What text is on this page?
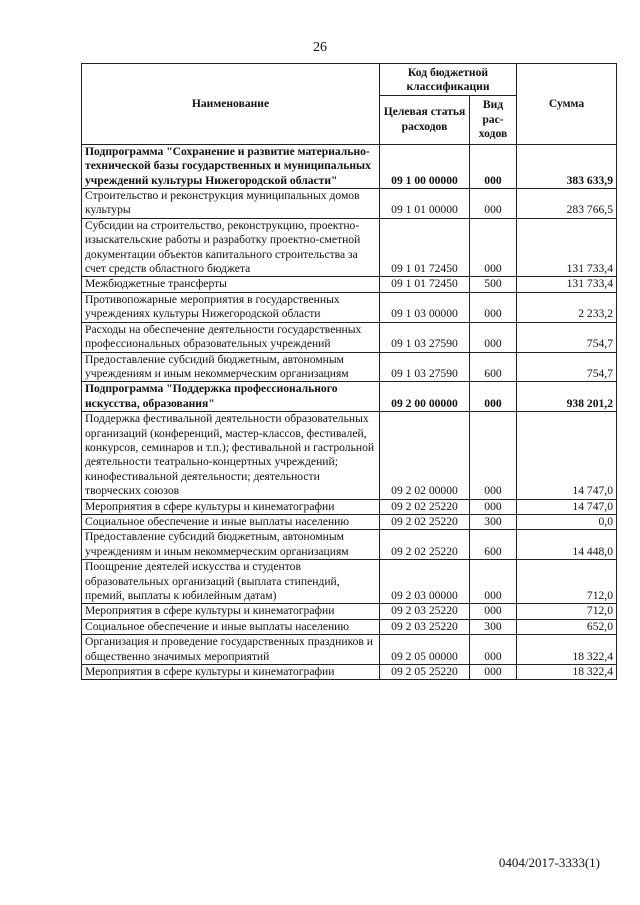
26
Наименование	Код бюджетной классификации		Сумма
	Целевая статья расходов	Вид рас-ходов	
Подпрограмма "Сохранение и развитие материально-технической базы государственных и муниципальных учреждений культуры Нижегородской области"	09 1 00 00000	000	383 633,9
Строительство и реконструкция муниципальных домов культуры	09 1 01 00000	000	283 766,5
Субсидии на строительство, реконструкцию, проектно-изыскательские работы и разработку проектно-сметной документации объектов капитального строительства за счет средств областного бюджета	09 1 01 72450	000	131 733,4
Межбюджетные трансферты	09 1 01 72450	500	131 733,4
Противопожарные мероприятия в государственных учреждениях культуры Нижегородской области	09 1 03 00000	000	2 233,2
Расходы на обеспечение деятельности государственных профессиональных образовательных учреждений	09 1 03 27590	000	754,7
Предоставление субсидий бюджетным, автономным учреждениям и иным некоммерческим организациям	09 1 03 27590	600	754,7
Подпрограмма "Поддержка профессионального искусства, образования"	09 2 00 00000	000	938 201,2
Поддержка фестивальной деятельности образовательных организаций (конференций, мастер-классов, фестивалей, конкурсов, семинаров и т.п.); фестивальной и гастрольной деятельности театрально-концертных учреждений; кинофестивальной деятельности; деятельности творческих союзов	09 2 02 00000	000	14 747,0
Мероприятия в сфере культуры и кинематографии	09 2 02 25220	000	14 747,0
Социальное обеспечение и иные выплаты населению	09 2 02 25220	300	0,0
Предоставление субсидий бюджетным, автономным учреждениям и иным некоммерческим организациям	09 2 02 25220	600	14 448,0
Поощрение деятелей искусства и студентов образовательных организаций (выплата стипендий, премий, выплаты к юбилейным датам)	09 2 03 00000	000	712,0
Мероприятия в сфере культуры и кинематографии	09 2 03 25220	000	712,0
Социальное обеспечение и иные выплаты населению	09 2 03 25220	300	652,0
Организация и проведение государственных праздников и общественно значимых мероприятий	09 2 05 00000	000	18 322,4
Мероприятия в сфере культуры и кинематографии	09 2 05 25220	000	18 322,4
0404/2017-3333(1)
